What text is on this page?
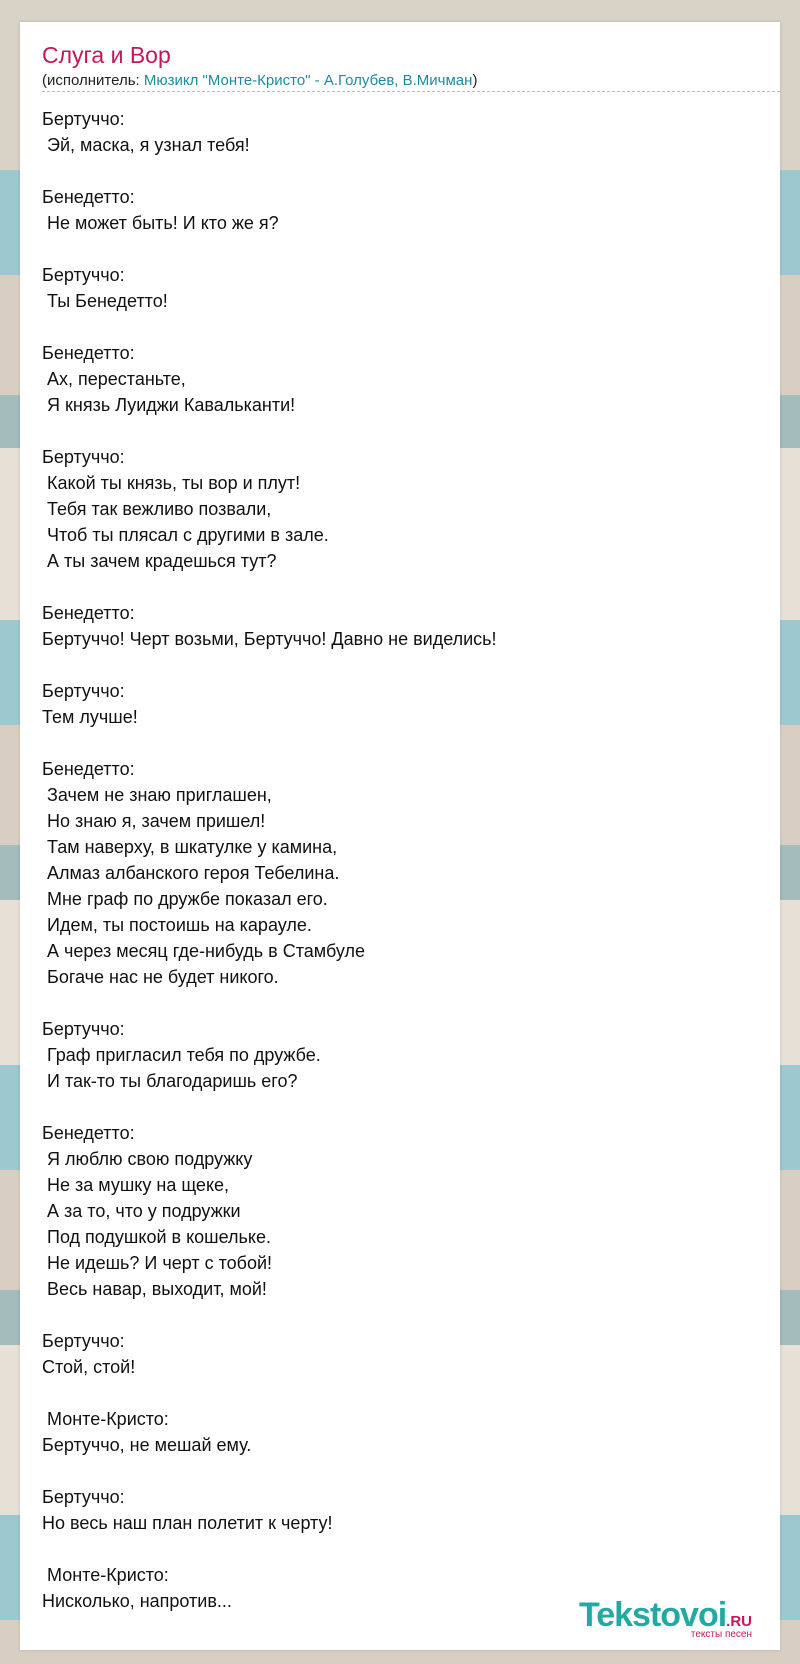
Слуга и Вор
(исполнитель: Мюзикл "Монте-Кристо" - А.Голубев, В.Мичман)
Бертуччо:
Эй, маска, я узнал тебя!

Бенедетто:
Не может быть! И кто же я?

Бертуччо:
Ты Бенедетто!

Бенедетто:
Ах, перестаньте,
Я князь Луиджи Кавальканти!

Бертуччо:
Какой ты князь, ты вор и плут!
Тебя так вежливо позвали,
Чтоб ты плясал с другими в зале.
А ты зачем крадешься тут?

Бенедетто:
Бертуччо! Черт возьми, Бертуччо! Давно не виделись!

Бертуччо:
Тем лучше!

Бенедетто:
Зачем не знаю приглашен,
Но знаю я, зачем пришел!
Там наверху, в шкатулке у камина,
Алмаз албанского героя Тебелина.
Мне граф по дружбе показал его.
Идем, ты постоишь на карауле.
А через месяц где-нибудь в Стамбуле
Богаче нас не будет никого.

Бертуччо:
Граф пригласил тебя по дружбе.
И так-то ты благодаришь его?

Бенедетто:
Я люблю свою подружку
Не за мушку на щеке,
А за то, что у подружки
Под подушкой в кошельке.
Не идешь? И черт с тобой!
Весь навар, выходит, мой!

Бертуччо:
Стой, стой!

Монте-Кристо:
Бертуччо, не мешай ему.

Бертуччо:
Но весь наш план полетит к черту!

Монте-Кристо:
Нисколько, напротив...	Tekstovoi.RU
тексты песен
